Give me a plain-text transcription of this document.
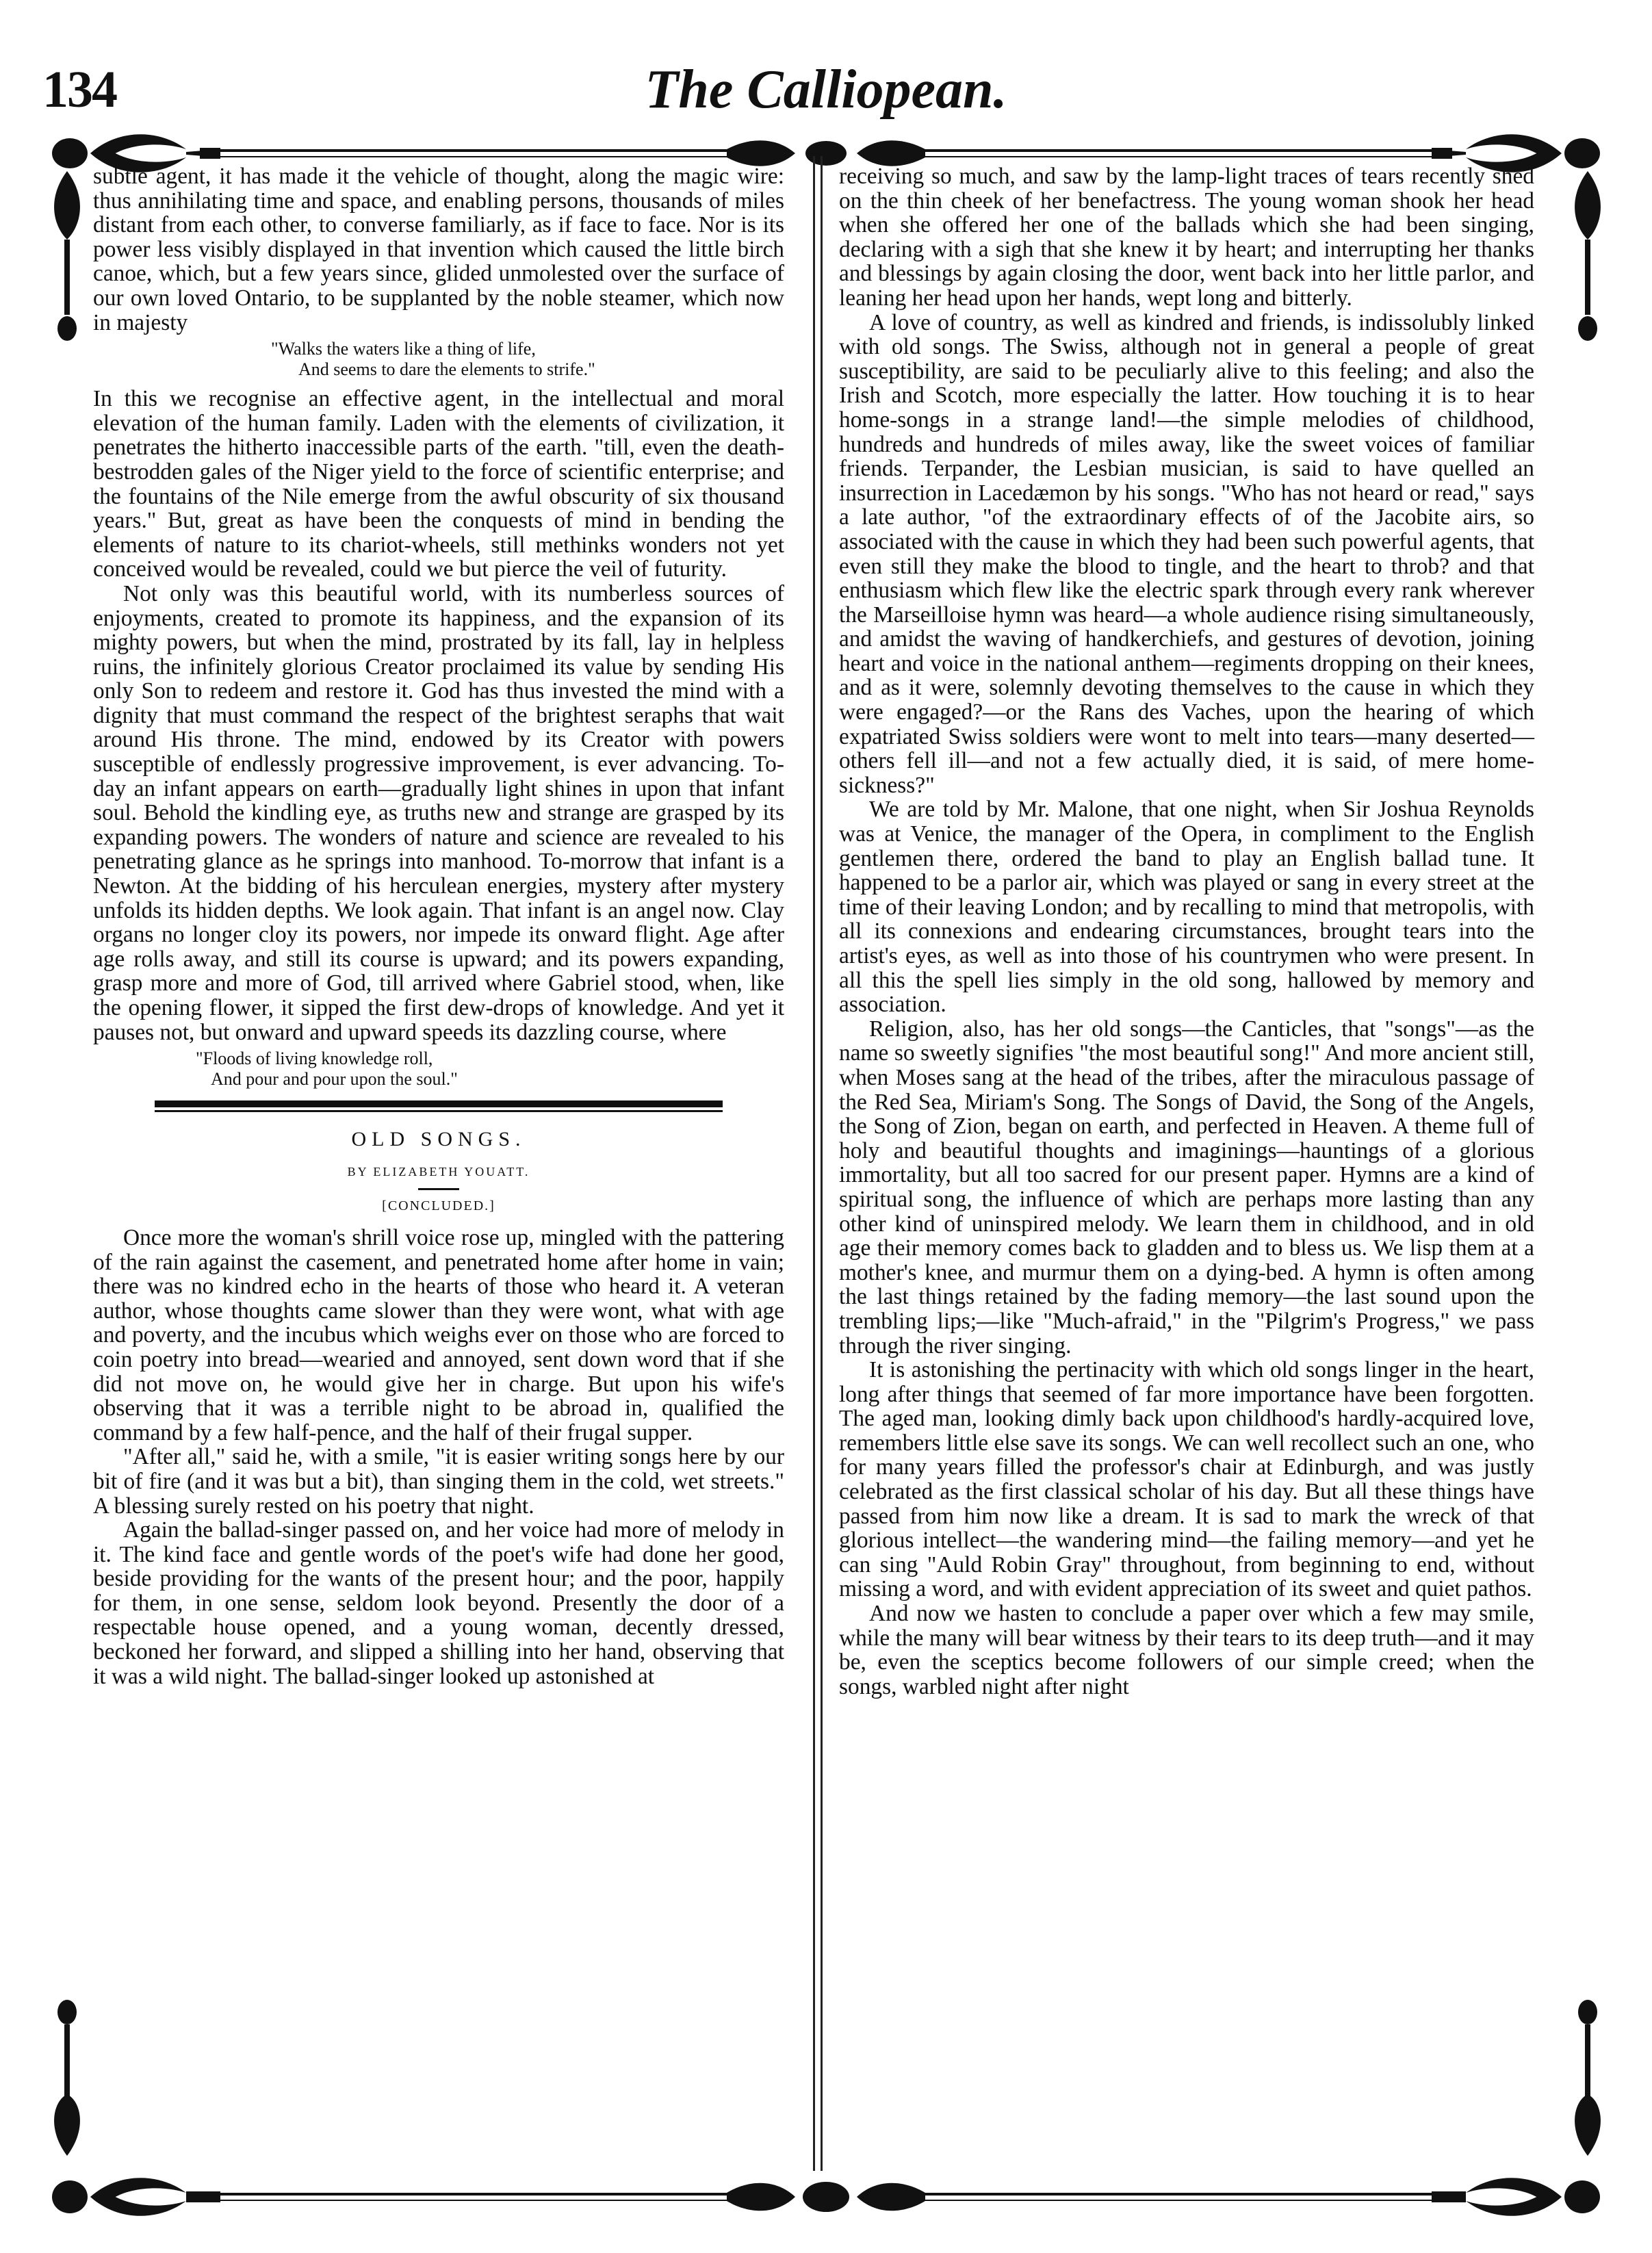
134	The Calliopean.

subtle agent, it has made it the vehicle of thought, along the magic wire: thus annihilating time and space, and enabling persons, thousands of miles distant from each other, to converse familiarly, as if face to face. Nor is its power less visibly displayed in that invention which caused the little birch canoe, which, but a few years since, glided unmolested over the surface of our own loved Ontario, to be supplanted by the noble steamer, which now in majesty

"Walks the waters like a thing of life,
And seems to dare the elements to strife."

In this we recognise an effective agent, in the intellectual and moral elevation of the human family. Laden with the elements of civilization, it penetrates the hitherto inaccessible parts of the earth. "till, even the death-bestrodden gales of the Niger yield to the force of scientific enterprise; and the fountains of the Nile emerge from the awful obscurity of six thousand years." But, great as have been the conquests of mind in bending the elements of nature to its chariot-wheels, still methinks wonders not yet conceived would be revealed, could we but pierce the veil of futurity.

Not only was this beautiful world, with its numberless sources of enjoyments, created to promote its happiness, and the expansion of its mighty powers, but when the mind, prostrated by its fall, lay in helpless ruins, the infinitely glorious Creator proclaimed its value by sending His only Son to redeem and restore it. God has thus invested the mind with a dignity that must command the respect of the brightest seraphs that wait around His throne. The mind, endowed by its Creator with powers susceptible of endlessly progressive improvement, is ever advancing. To-day an infant appears on earth—gradually light shines in upon that infant soul. Behold the kindling eye, as truths new and strange are grasped by its expanding powers. The wonders of nature and science are revealed to his penetrating glance as he springs into manhood. To-morrow that infant is a Newton. At the bidding of his herculean energies, mystery after mystery unfolds its hidden depths. We look again. That infant is an angel now. Clay organs no longer cloy its powers, nor impede its onward flight. Age after age rolls away, and still its course is upward; and its powers expanding, grasp more and more of God, till arrived where Gabriel stood, when, like the opening flower, it sipped the first dew-drops of knowledge. And yet it pauses not, but onward and upward speeds its dazzling course, where

"Floods of living knowledge roll,
And pour and pour upon the soul."
OLD SONGS.
BY ELIZABETH YOUATT.
[CONCLUDED.]

Once more the woman's shrill voice rose up, mingled with the pattering of the rain against the casement, and penetrated home after home in vain; there was no kindred echo in the hearts of those who heard it. A veteran author, whose thoughts came slower than they were wont, what with age and poverty, and the incubus which weighs ever on those who are forced to coin poetry into bread—wearied and annoyed, sent down word that if she did not move on, he would give her in charge. But upon his wife's observing that it was a terrible night to be abroad in, qualified the command by a few half-pence, and the half of their frugal supper.

"After all," said he, with a smile, "it is easier writing songs here by our bit of fire (and it was but a bit), than singing them in the cold, wet streets." A blessing surely rested on his poetry that night.

Again the ballad-singer passed on, and her voice had more of melody in it. The kind face and gentle words of the poet's wife had done her good, beside providing for the wants of the present hour; and the poor, happily for them, in one sense, seldom look beyond. Presently the door of a respectable house opened, and a young woman, decently dressed, beckoned her forward, and slipped a shilling into her hand, observing that it was a wild night. The ballad-singer looked up astonished at

receiving so much, and saw by the lamp-light traces of tears recently shed on the thin cheek of her benefactress. The young woman shook her head when she offered her one of the ballads which she had been singing, declaring with a sigh that she knew it by heart; and interrupting her thanks and blessings by again closing the door, went back into her little parlor, and leaning her head upon her hands, wept long and bitterly.

A love of country, as well as kindred and friends, is indissolubly linked with old songs. The Swiss, although not in general a people of great susceptibility, are said to be peculiarly alive to this feeling; and also the Irish and Scotch, more especially the latter. How touching it is to hear home-songs in a strange land!—the simple melodies of childhood, hundreds and hundreds of miles away, like the sweet voices of familiar friends. Terpander, the Lesbian musician, is said to have quelled an insurrection in Lacedæmon by his songs. "Who has not heard or read," says a late author, "of the extraordinary effects of of the Jacobite airs, so associated with the cause in which they had been such powerful agents, that even still they make the blood to tingle, and the heart to throb? and that enthusiasm which flew like the electric spark through every rank wherever the Marseilloise hymn was heard—a whole audience rising simultaneously, and amidst the waving of handkerchiefs, and gestures of devotion, joining heart and voice in the national anthem—regiments dropping on their knees, and as it were, solemnly devoting themselves to the cause in which they were engaged?—or the Rans des Vaches, upon the hearing of which expatriated Swiss soldiers were wont to melt into tears—many deserted—others fell ill—and not a few actually died, it is said, of mere home-sickness?"

We are told by Mr. Malone, that one night, when Sir Joshua Reynolds was at Venice, the manager of the Opera, in compliment to the English gentlemen there, ordered the band to play an English ballad tune. It happened to be a parlor air, which was played or sang in every street at the time of their leaving London; and by recalling to mind that metropolis, with all its connexions and endearing circumstances, brought tears into the artist's eyes, as well as into those of his countrymen who were present. In all this the spell lies simply in the old song, hallowed by memory and association.

Religion, also, has her old songs—the Canticles, that "songs"—as the name so sweetly signifies "the most beautiful song!" And more ancient still, when Moses sang at the head of the tribes, after the miraculous passage of the Red Sea, Miriam's Song. The Songs of David, the Song of the Angels, the Song of Zion, began on earth, and perfected in Heaven. A theme full of holy and beautiful thoughts and imaginings—hauntings of a glorious immortality, but all too sacred for our present paper. Hymns are a kind of spiritual song, the influence of which are perhaps more lasting than any other kind of uninspired melody. We learn them in childhood, and in old age their memory comes back to gladden and to bless us. We lisp them at a mother's knee, and murmur them on a dying-bed. A hymn is often among the last things retained by the fading memory—the last sound upon the trembling lips;—like "Much-afraid," in the "Pilgrim's Progress," we pass through the river singing.

It is astonishing the pertinacity with which old songs linger in the heart, long after things that seemed of far more importance have been forgotten. The aged man, looking dimly back upon childhood's hardly-acquired love, remembers little else save its songs. We can well recollect such an one, who for many years filled the professor's chair at Edinburgh, and was justly celebrated as the first classical scholar of his day. But all these things have passed from him now like a dream. It is sad to mark the wreck of that glorious intellect—the wandering mind—the failing memory—and yet he can sing "Auld Robin Gray" throughout, from beginning to end, without missing a word, and with evident appreciation of its sweet and quiet pathos.

And now we hasten to conclude a paper over which a few may smile, while the many will bear witness by their tears to its deep truth—and it may be, even the sceptics become followers of our simple creed; when the songs, warbled night after night
